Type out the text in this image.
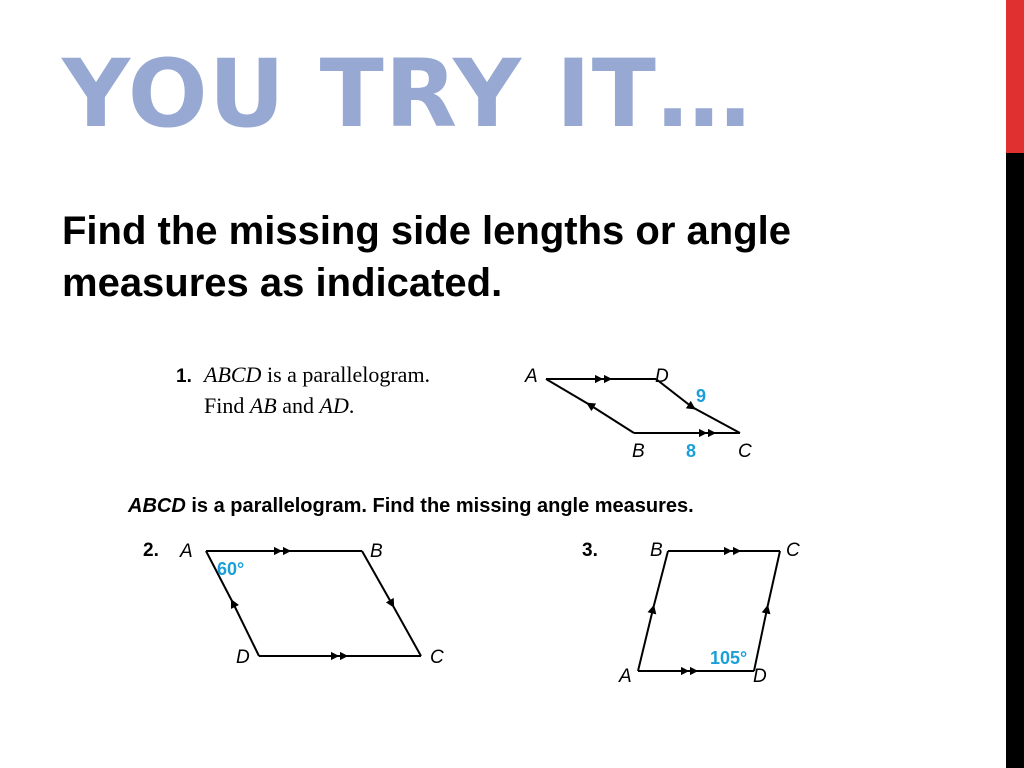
YOU TRY IT…

Find the missing side lengths or angle measures as indicated.

1. ABCD is a parallelogram.
Find AB and AD.
A	D
B	C
9
8
ABCD is a parallelogram. Find the missing angle measures.
2. A	B
D	C
60°
3.	B	C
A	D
105°
